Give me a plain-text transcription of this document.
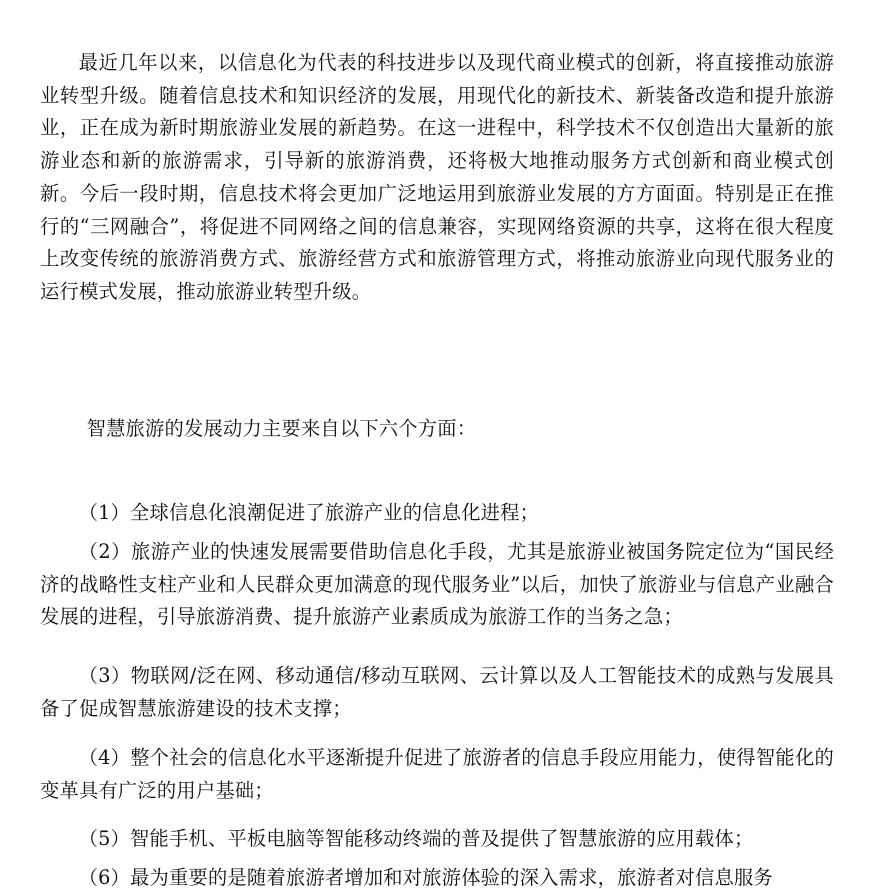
最近几年以来，以信息化为代表的科技进步以及现代商业模式的创新，将直接推动旅游业转型升级。随着信息技术和知识经济的发展，用现代化的新技术、新装备改造和提升旅游业，正在成为新时期旅游业发展的新趋势。在这一进程中，科学技术不仅创造出大量新的旅游业态和新的旅游需求，引导新的旅游消费，还将极大地推动服务方式创新和商业模式创新。今后一段时期，信息技术将会更加广泛地运用到旅游业发展的方方面面。特别是正在推行的“三网融合”，将促进不同网络之间的信息兼容，实现网络资源的共享，这将在很大程度上改变传统的旅游消费方式、旅游经营方式和旅游管理方式，将推动旅游业向现代服务业的运行模式发展，推动旅游业转型升级。

智慧旅游的发展动力主要来自以下六个方面：

（1）全球信息化浪潮促进了旅游产业的信息化进程；

（2）旅游产业的快速发展需要借助信息化手段，尤其是旅游业被国务院定位为“国民经济的战略性支柱产业和人民群众更加满意的现代服务业”以后，加快了旅游业与信息产业融合发展的进程，引导旅游消费、提升旅游产业素质成为旅游工作的当务之急；

（3）物联网/泛在网、移动通信/移动互联网、云计算以及人工智能技术的成熟与发展具备了促成智慧旅游建设的技术支撑；

（4）整个社会的信息化水平逐渐提升促进了旅游者的信息手段应用能力，使得智能化的变革具有广泛的用户基础；

（5）智能手机、平板电脑等智能移动终端的普及提供了智慧旅游的应用载体；

（6）最为重要的是随着旅游者增加和对旅游体验的深入需求，旅游者对信息服务
